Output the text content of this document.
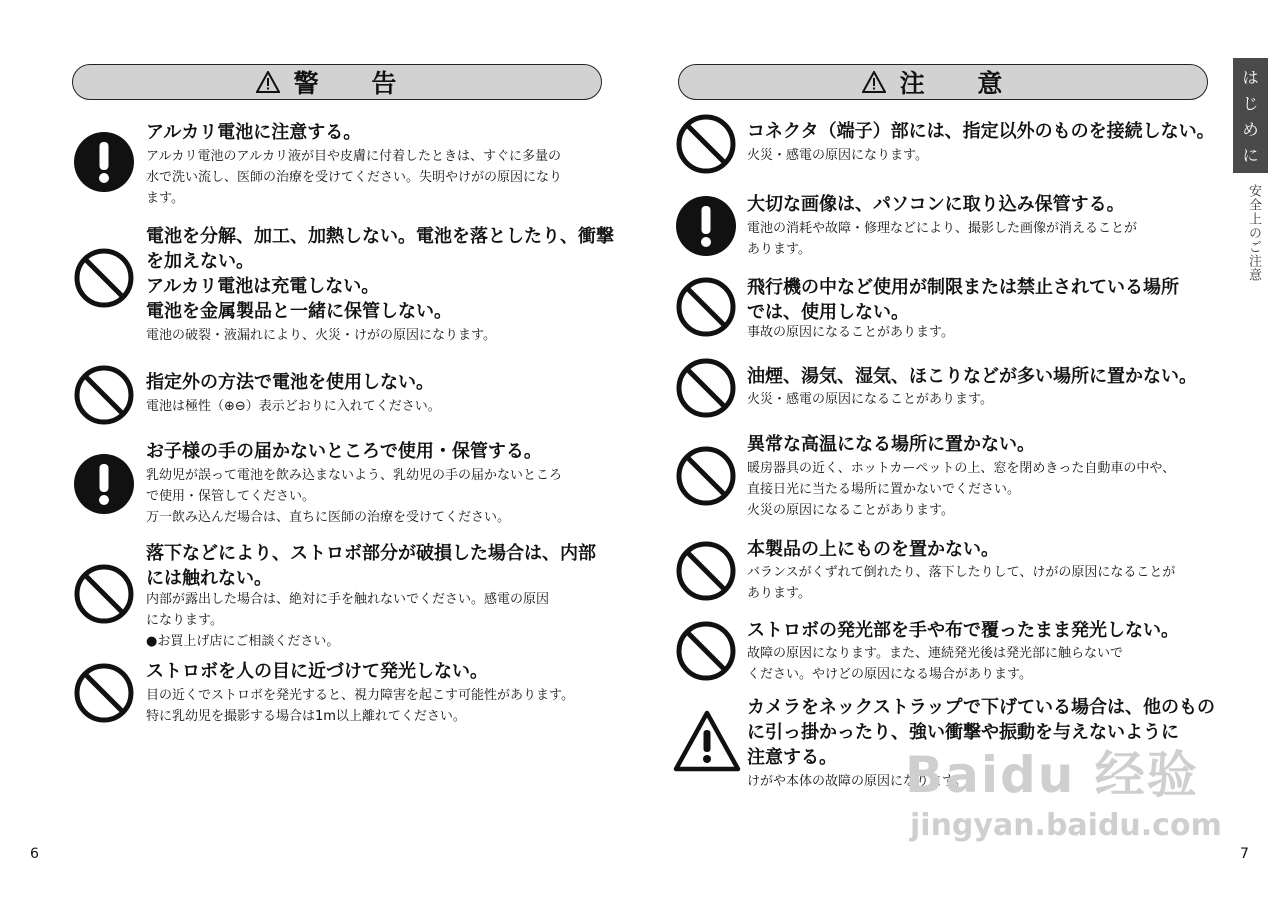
警 告
アルカリ電池に注意する。
アルカリ電池のアルカリ液が目や皮膚に付着したときは、すぐに多量の
水で洗い流し、医師の治療を受けてください。失明やけがの原因になり
ます。
電池を分解、加工、加熱しない。電池を落としたり、衝撃
を加えない。
アルカリ電池は充電しない。
電池を金属製品と一緒に保管しない。
電池の破裂・液漏れにより、火災・けがの原因になります。
指定外の方法で電池を使用しない。
電池は極性（⊕⊖）表示どおりに入れてください。
お子様の手の届かないところで使用・保管する。
乳幼児が誤って電池を飲み込まないよう、乳幼児の手の届かないところ
で使用・保管してください。
万一飲み込んだ場合は、直ちに医師の治療を受けてください。
落下などにより、ストロボ部分が破損した場合は、内部
には触れない。
内部が露出した場合は、絶対に手を触れないでください。感電の原因
になります。
●お買上げ店にご相談ください。
ストロボを人の目に近づけて発光しない。
目の近くでストロボを発光すると、視力障害を起こす可能性があります。
特に乳幼児を撮影する場合は1m以上離れてください。
6
注 意
コネクタ（端子）部には、指定以外のものを接続しない。
火災・感電の原因になります。
大切な画像は、パソコンに取り込み保管する。
電池の消耗や故障・修理などにより、撮影した画像が消えることが
あります。
飛行機の中など使用が制限または禁止されている場所
では、使用しない。
事故の原因になることがあります。
油煙、湯気、湿気、ほこりなどが多い場所に置かない。
火災・感電の原因になることがあります。
異常な高温になる場所に置かない。
暖房器具の近く、ホットカーペットの上、窓を閉めきった自動車の中や、
直接日光に当たる場所に置かないでください。
火災の原因になることがあります。
本製品の上にものを置かない。
バランスがくずれて倒れたり、落下したりして、けがの原因になることが
あります。
ストロボの発光部を手や布で覆ったまま発光しない。
故障の原因になります。また、連続発光後は発光部に触らないで
ください。やけどの原因になる場合があります。
カメラをネックストラップで下げている場合は、他のもの
に引っ掛かったり、強い衝撃や振動を与えないように
注意する。
けがや本体の故障の原因になります。
7
は
じ
め
に
安全上のご注意
Baidu 经验
jingyan.baidu.com
